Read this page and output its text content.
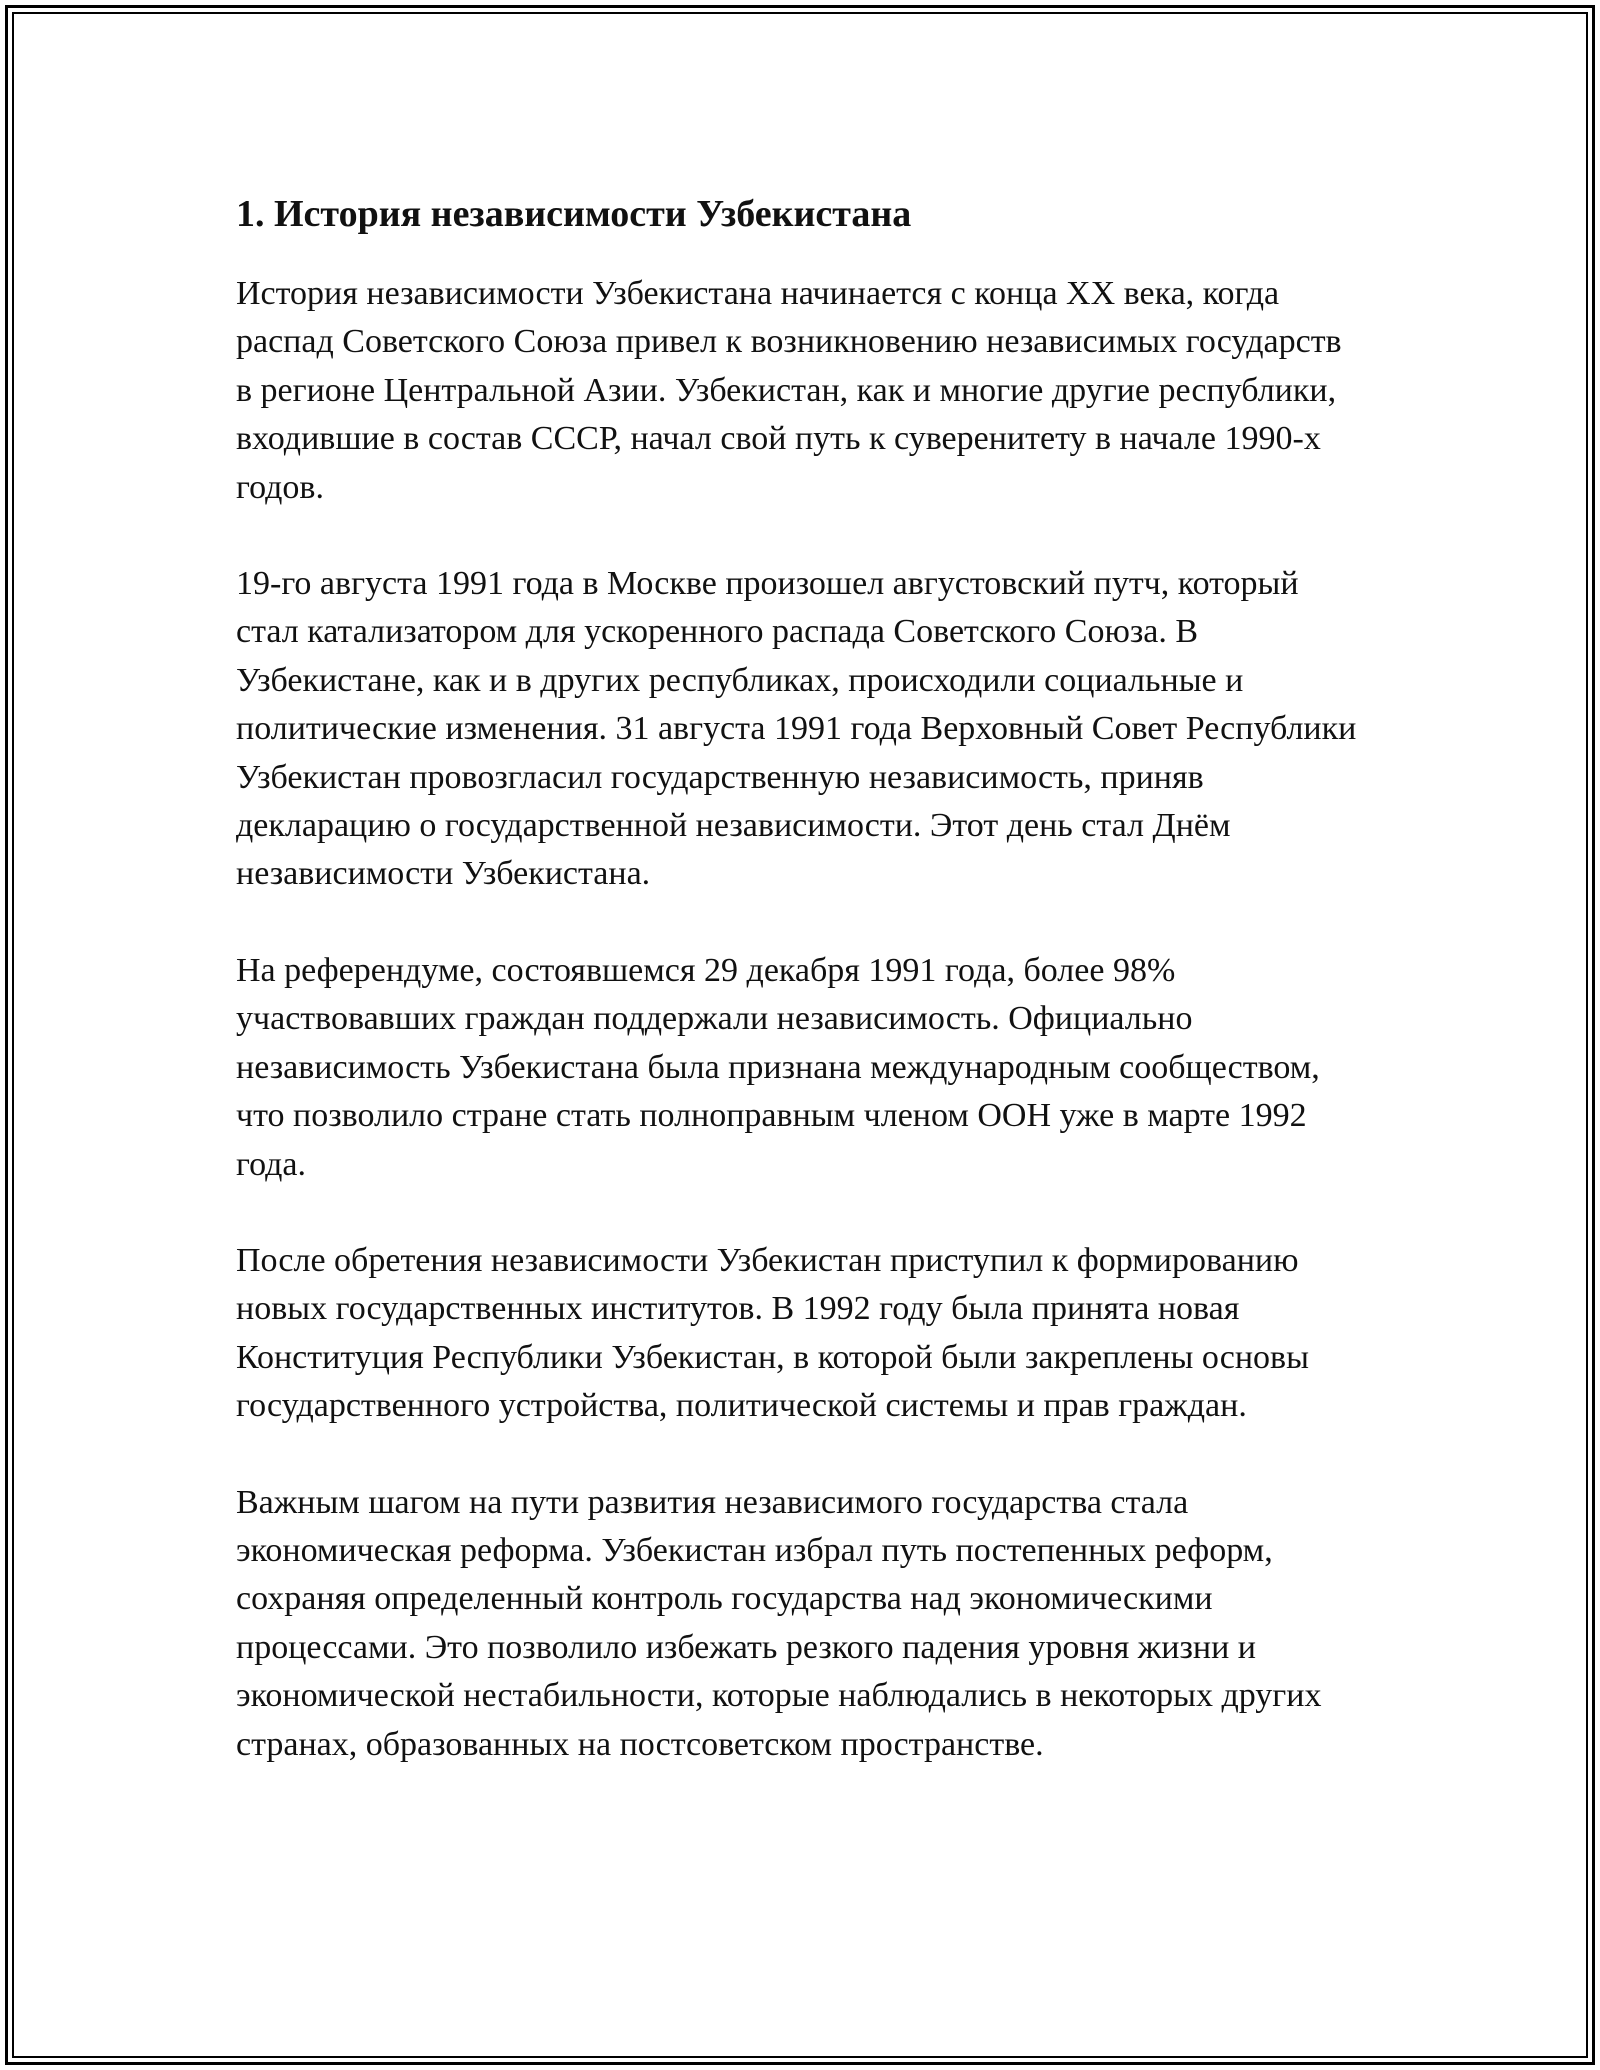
1. История независимости Узбекистана

История независимости Узбекистана начинается с конца XX века, когда распад Советского Союза привел к возникновению независимых государств в регионе Центральной Азии. Узбекистан, как и многие другие республики, входившие в состав СССР, начал свой путь к суверенитету в начале 1990-х годов.

19-го августа 1991 года в Москве произошел августовский путч, который стал катализатором для ускоренного распада Советского Союза. В Узбекистане, как и в других республиках, происходили социальные и политические изменения. 31 августа 1991 года Верховный Совет Республики Узбекистан провозгласил государственную независимость, приняв декларацию о государственной независимости. Этот день стал Днём независимости Узбекистана.

На референдуме, состоявшемся 29 декабря 1991 года, более 98% участвовавших граждан поддержали независимость. Официально независимость Узбекистана была признана международным сообществом, что позволило стране стать полноправным членом ООН уже в марте 1992 года.

После обретения независимости Узбекистан приступил к формированию новых государственных институтов. В 1992 году была принята новая Конституция Республики Узбекистан, в которой были закреплены основы государственного устройства, политической системы и прав граждан.

Важным шагом на пути развития независимого государства стала экономическая реформа. Узбекистан избрал путь постепенных реформ, сохраняя определенный контроль государства над экономическими процессами. Это позволило избежать резкого падения уровня жизни и экономической нестабильности, которые наблюдались в некоторых других странах, образованных на постсоветском пространстве.
